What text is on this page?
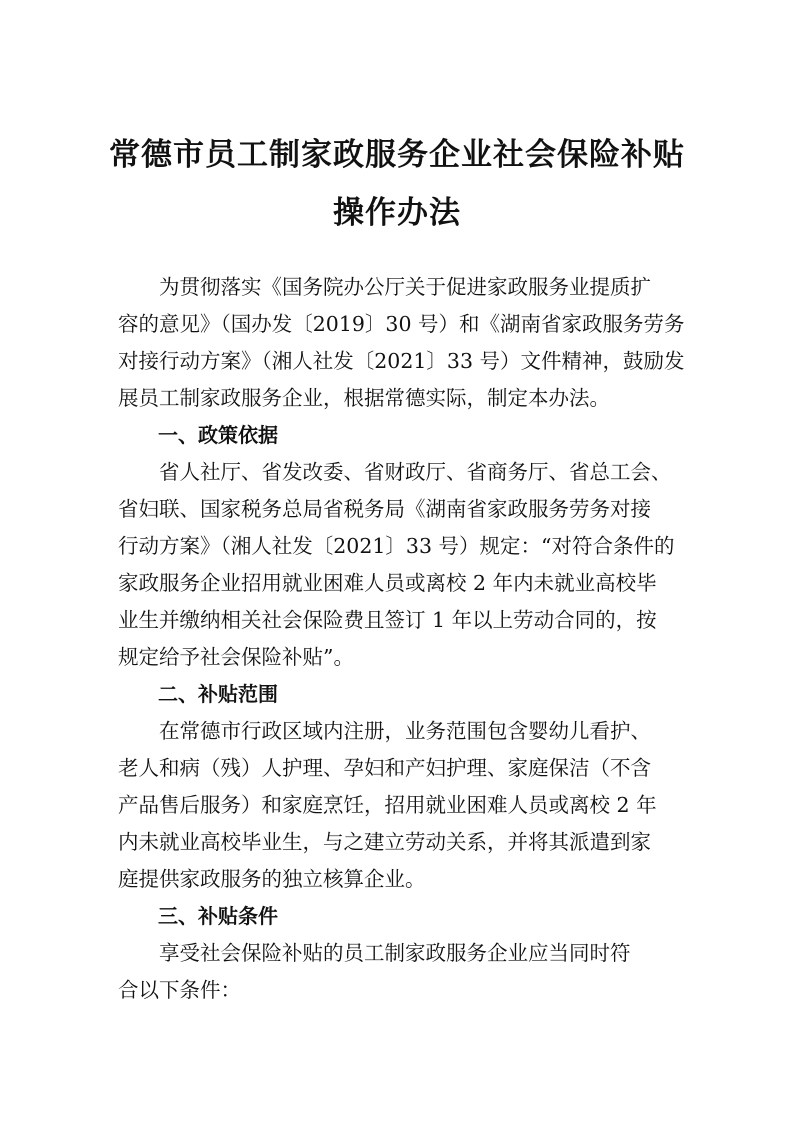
常德市员工制家政服务企业社会保险补贴
操作办法

为贯彻落实《国务院办公厅关于促进家政服务业提质扩
容的意见》（国办发〔2019〕30 号）和《湖南省家政服务劳务
对接行动方案》（湘人社发〔2021〕33 号）文件精神，鼓励发
展员工制家政服务企业，根据常德实际，制定本办法。

一、政策依据

省人社厅、省发改委、省财政厅、省商务厅、省总工会、
省妇联、国家税务总局省税务局《湖南省家政服务劳务对接
行动方案》（湘人社发〔2021〕33 号）规定：“对符合条件的
家政服务企业招用就业困难人员或离校 2 年内未就业高校毕
业生并缴纳相关社会保险费且签订 1 年以上劳动合同的，按
规定给予社会保险补贴”。

二、补贴范围

在常德市行政区域内注册，业务范围包含婴幼儿看护、
老人和病（残）人护理、孕妇和产妇护理、家庭保洁（不含
产品售后服务）和家庭烹饪，招用就业困难人员或离校 2 年
内未就业高校毕业生，与之建立劳动关系，并将其派遣到家
庭提供家政服务的独立核算企业。

三、补贴条件

享受社会保险补贴的员工制家政服务企业应当同时符
合以下条件：
